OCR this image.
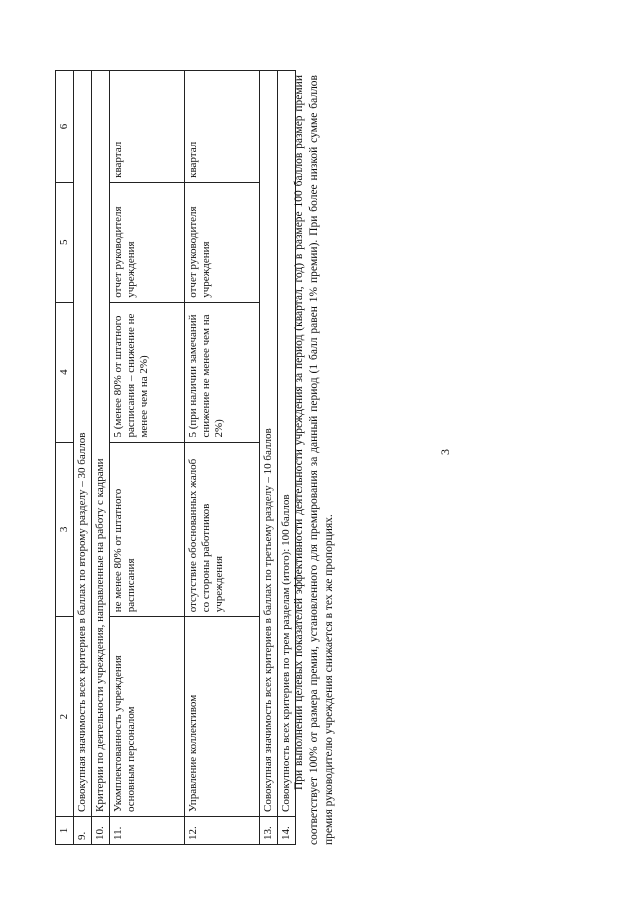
3
1	2	3	4	5	6
9.	Совокупная значимость всех критериев в баллах по второму разделу – 30 баллов				
10.	Критерии по деятельности учреждения, направленные на работу с кадрами				
11.	Укомплектованность учреждения основным персоналом	не менее 80% от штатного расписания	5 (менее 80% от штатного расписания – снижение не менее чем на 2%)	отчет руководителя учреждения	квартал
12.	Управление коллективом	отсутствие обоснованных жалоб со стороны работников учреждения	5 (при наличии замечаний снижение не менее чем на 2%)	отчет руководителя учреждения	квартал
13.	Совокупная значимость всех критериев в баллах по третьему разделу – 10 баллов				
14.	Совокупность всех критериев по трем разделам (итого): 100 баллов				При выполнении целевых показателей эффективности деятельности учреждения за период (квартал, год) в размере 100 баллов размер премии соответствует 100% от размера премии, установленного для премирования за данный период (1 балл равен 1% премии). При более низкой сумме баллов премия руководителю учреждения снижается в тех же пропорциях.
